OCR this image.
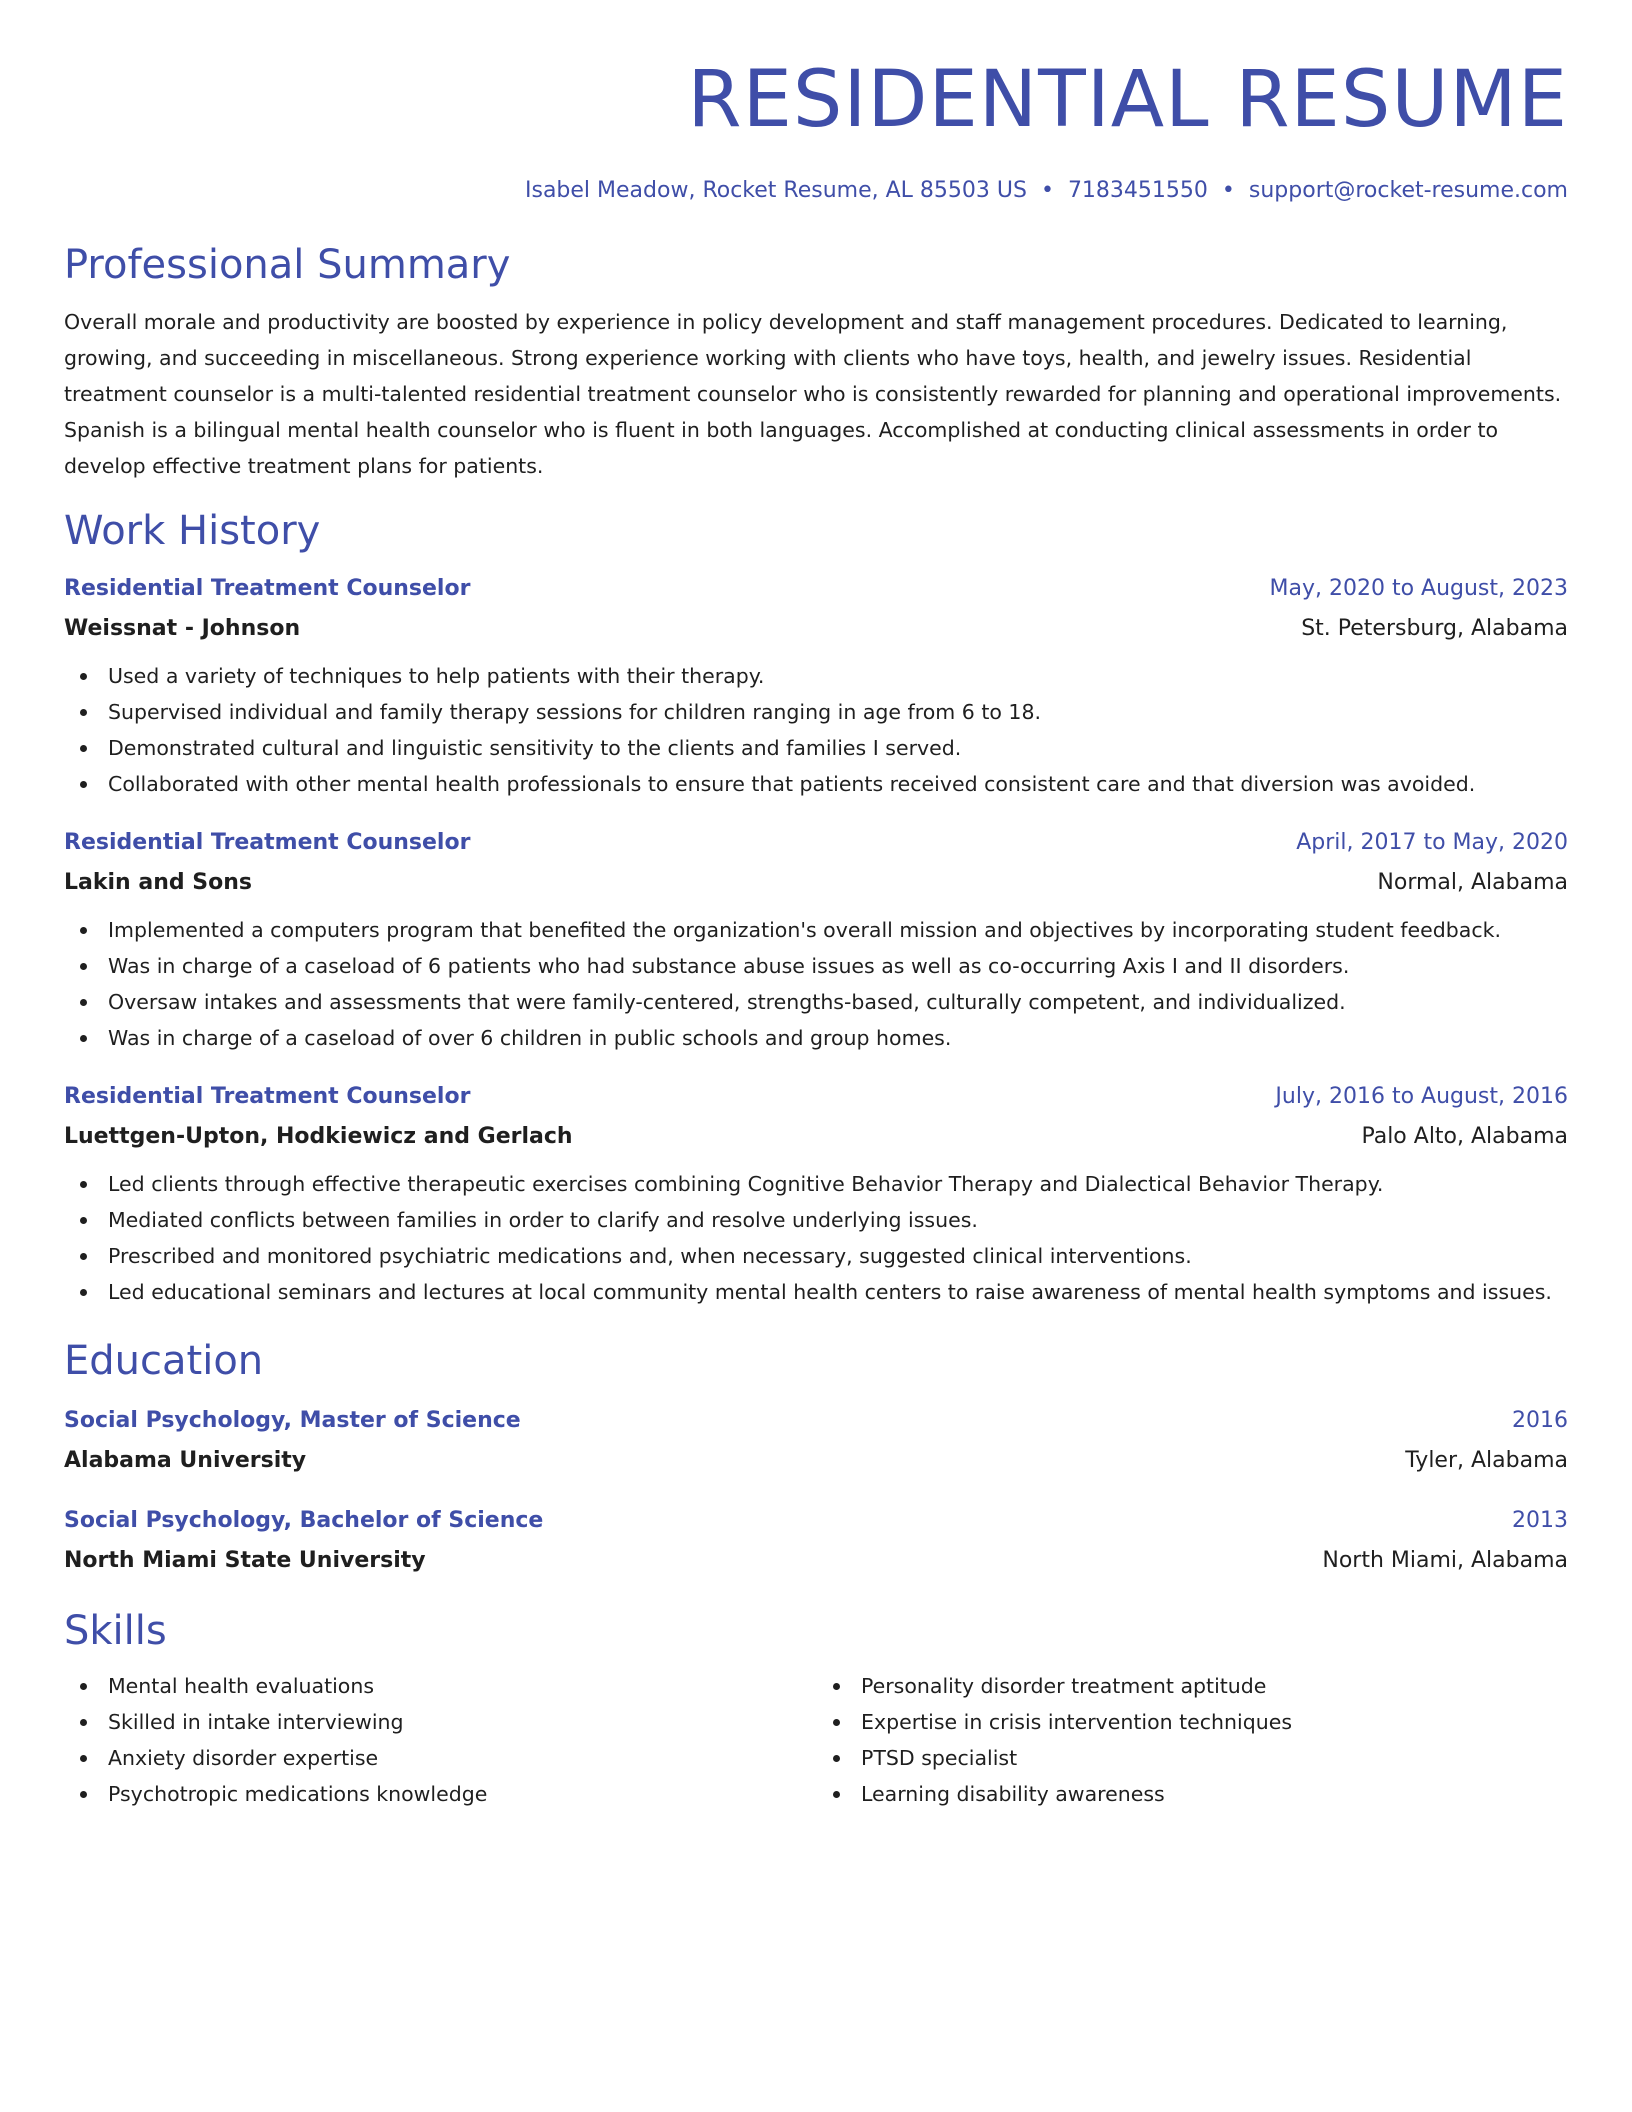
RESIDENTIAL RESUME
Isabel Meadow, Rocket Resume, AL 85503 US • 7183451550 • support@rocket-resume.com
Professional Summary

Overall morale and productivity are boosted by experience in policy development and staff management procedures. Dedicated to learning, growing, and succeeding in miscellaneous. Strong experience working with clients who have toys, health, and jewelry issues. Residential treatment counselor is a multi-talented residential treatment counselor who is consistently rewarded for planning and operational improvements. Spanish is a bilingual mental health counselor who is fluent in both languages. Accomplished at conducting clinical assessments in order to develop effective treatment plans for patients.

Work History
Residential Treatment Counselor	May, 2020 to August, 2023
Weissnat - Johnson	St. Petersburg, Alabama
Used a variety of techniques to help patients with their therapy.
Supervised individual and family therapy sessions for children ranging in age from 6 to 18.
Demonstrated cultural and linguistic sensitivity to the clients and families I served.
Collaborated with other mental health professionals to ensure that patients received consistent care and that diversion was avoided.
Residential Treatment Counselor	April, 2017 to May, 2020
Lakin and Sons	Normal, Alabama
Implemented a computers program that benefited the organization's overall mission and objectives by incorporating student feedback.
Was in charge of a caseload of 6 patients who had substance abuse issues as well as co-occurring Axis I and II disorders.
Oversaw intakes and assessments that were family-centered, strengths-based, culturally competent, and individualized.
Was in charge of a caseload of over 6 children in public schools and group homes.
Residential Treatment Counselor	July, 2016 to August, 2016
Luettgen-Upton, Hodkiewicz and Gerlach	Palo Alto, Alabama
Led clients through effective therapeutic exercises combining Cognitive Behavior Therapy and Dialectical Behavior Therapy.
Mediated conflicts between families in order to clarify and resolve underlying issues.
Prescribed and monitored psychiatric medications and, when necessary, suggested clinical interventions.
Led educational seminars and lectures at local community mental health centers to raise awareness of mental health symptoms and issues.
Education
Social Psychology, Master of Science	2016
Alabama University	Tyler, Alabama
Social Psychology, Bachelor of Science	2013
North Miami State University	North Miami, Alabama
Skills
Mental health evaluations
Skilled in intake interviewing
Anxiety disorder expertise
Psychotropic medications knowledge
Personality disorder treatment aptitude
Expertise in crisis intervention techniques
PTSD specialist
Learning disability awareness
